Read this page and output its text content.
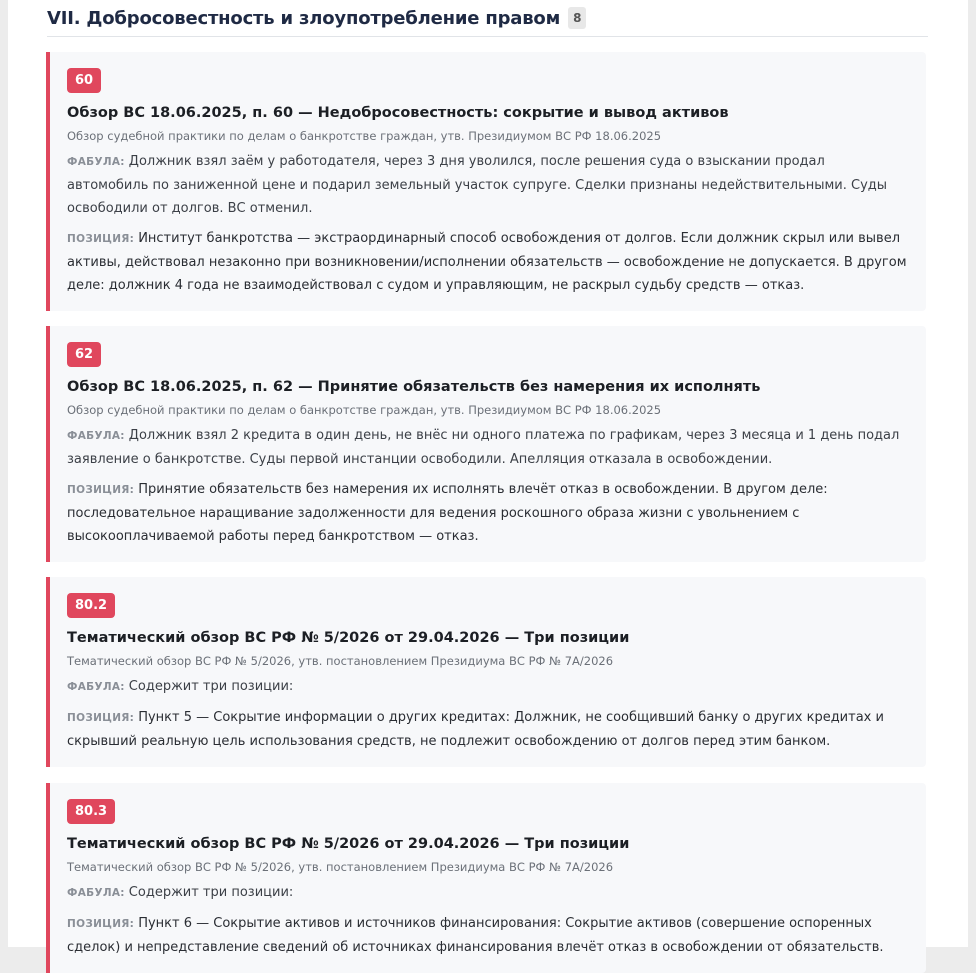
VII. Добросовестность и злоупотребление правом	8
60
Обзор ВС 18.06.2025, п. 60 — Недобросовестность: сокрытие и вывод активов
Обзор судебной практики по делам о банкротстве граждан, утв. Президиумом ВС РФ 18.06.2025
ФАБУЛА: Должник взял заём у работодателя, через 3 дня уволился, после решения суда о взыскании продал автомобиль по заниженной цене и подарил земельный участок супруге. Сделки признаны недействительными. Суды освободили от долгов. ВС отменил.
ПОЗИЦИЯ: Институт банкротства — экстраординарный способ освобождения от долгов. Если должник скрыл или вывел активы, действовал незаконно при возникновении/исполнении обязательств — освобождение не допускается. В другом деле: должник 4 года не взаимодействовал с судом и управляющим, не раскрыл судьбу средств — отказ.
62
Обзор ВС 18.06.2025, п. 62 — Принятие обязательств без намерения их исполнять
Обзор судебной практики по делам о банкротстве граждан, утв. Президиумом ВС РФ 18.06.2025
ФАБУЛА: Должник взял 2 кредита в один день, не внёс ни одного платежа по графикам, через 3 месяца и 1 день подал заявление о банкротстве. Суды первой инстанции освободили. Апелляция отказала в освобождении.
ПОЗИЦИЯ: Принятие обязательств без намерения их исполнять влечёт отказ в освобождении. В другом деле: последовательное наращивание задолженности для ведения роскошного образа жизни с увольнением с высокооплачиваемой работы перед банкротством — отказ.
80.2
Тематический обзор ВС РФ № 5/2026 от 29.04.2026 — Три позиции
Тематический обзор ВС РФ № 5/2026, утв. постановлением Президиума ВС РФ № 7А/2026
ФАБУЛА: Содержит три позиции:
ПОЗИЦИЯ: Пункт 5 — Сокрытие информации о других кредитах: Должник, не сообщивший банку о других кредитах и скрывший реальную цель использования средств, не подлежит освобождению от долгов перед этим банком.
80.3
Тематический обзор ВС РФ № 5/2026 от 29.04.2026 — Три позиции
Тематический обзор ВС РФ № 5/2026, утв. постановлением Президиума ВС РФ № 7А/2026
ФАБУЛА: Содержит три позиции:
ПОЗИЦИЯ: Пункт 6 — Сокрытие активов и источников финансирования: Сокрытие активов (совершение оспоренных сделок) и непредставление сведений об источниках финансирования влечёт отказ в освобождении от обязательств.
